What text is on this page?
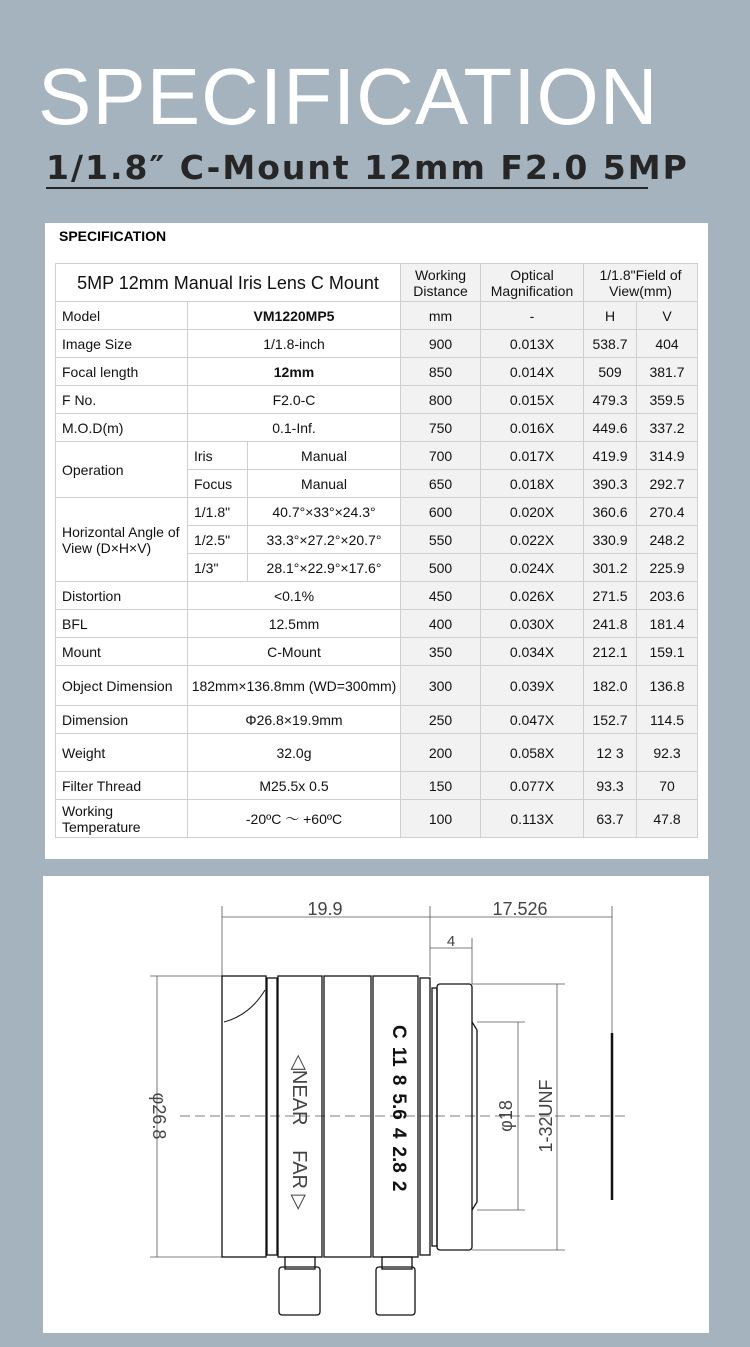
SPECIFICATION
1/1.8″ C-Mount 12mm F2.0 5MP
SPECIFICATION
5MP 12mm Manual Iris Lens C Mount			Working Distance	Optical Magnification	1/1.8"Field of View(mm)	
Model	VM1220MP5		mm	-	H	V
Image Size	1/1.8-inch		900	0.013X	538.7	404
Focal length	12mm		850	0.014X	509	381.7
F No.	F2.0-C		800	0.015X	479.3	359.5
M.O.D(m)	0.1-Inf.		750	0.016X	449.6	337.2
Operation	Iris	Manual	700	0.017X	419.9	314.9
	Focus	Manual	650	0.018X	390.3	292.7
Horizontal Angle of View (D×H×V)	1/1.8"	40.7°×33°×24.3°	600	0.020X	360.6	270.4
	1/2.5"	33.3°×27.2°×20.7°	550	0.022X	330.9	248.2
	1/3"	28.1°×22.9°×17.6°	500	0.024X	301.2	225.9
Distortion	<0.1%		450	0.026X	271.5	203.6
BFL	12.5mm		400	0.030X	241.8	181.4
Mount	C-Mount		350	0.034X	212.1	159.1
Object Dimension	182mm×136.8mm (WD=300mm)		300	0.039X	182.0	136.8
Dimension	Φ26.8×19.9mm		250	0.047X	152.7	114.5
Weight	32.0g		200	0.058X	12 3	92.3
Filter Thread	M25.5x 0.5		150	0.077X	93.3	70
Working Temperature	-20ºC ～ +60ºC		100	0.113X	63.7	47.8
19.9	17.526
4
φ26.8	φ18 1-32UNF
◁NEAR
FAR ▷
C1185.642.82
